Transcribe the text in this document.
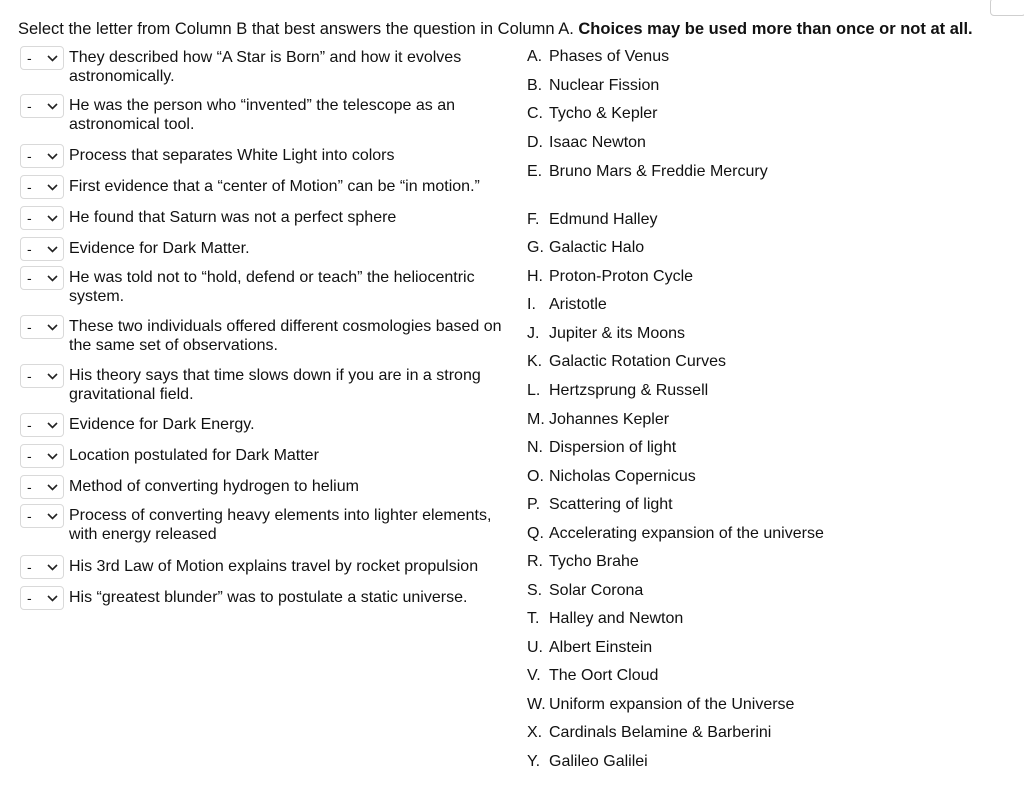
Select the letter from Column B that best answers the question in Column A. Choices may be used more than once or not at all.
- They described how “A Star is Born” and how it evolves astronomically.
- He was the person who “invented” the telescope as an astronomical tool.
- Process that separates White Light into colors
- First evidence that a “center of Motion” can be “in motion.”
- He found that Saturn was not a perfect sphere
- Evidence for Dark Matter.
- He was told not to “hold, defend or teach” the heliocentric system.
- These two individuals offered different cosmologies based on the same set of observations.
- His theory says that time slows down if you are in a strong gravitational field.
- Evidence for Dark Energy.
- Location postulated for Dark Matter
- Method of converting hydrogen to helium
- Process of converting heavy elements into lighter elements, with energy released
- His 3rd Law of Motion explains travel by rocket propulsion
- His “greatest blunder” was to postulate a static universe.
A. Phases of Venus
B. Nuclear Fission
C. Tycho & Kepler
D. Isaac Newton
E. Bruno Mars & Freddie Mercury
F. Edmund Halley
G. Galactic Halo
H. Proton-Proton Cycle
I. Aristotle
J. Jupiter & its Moons
K. Galactic Rotation Curves
L. Hertzsprung & Russell
M. Johannes Kepler
N. Dispersion of light
O. Nicholas Copernicus
P. Scattering of light
Q. Accelerating expansion of the universe
R. Tycho Brahe
S. Solar Corona
T. Halley and Newton
U. Albert Einstein
V. The Oort Cloud
W. Uniform expansion of the Universe
X. Cardinals Belamine & Barberini
Y. Galileo Galilei
